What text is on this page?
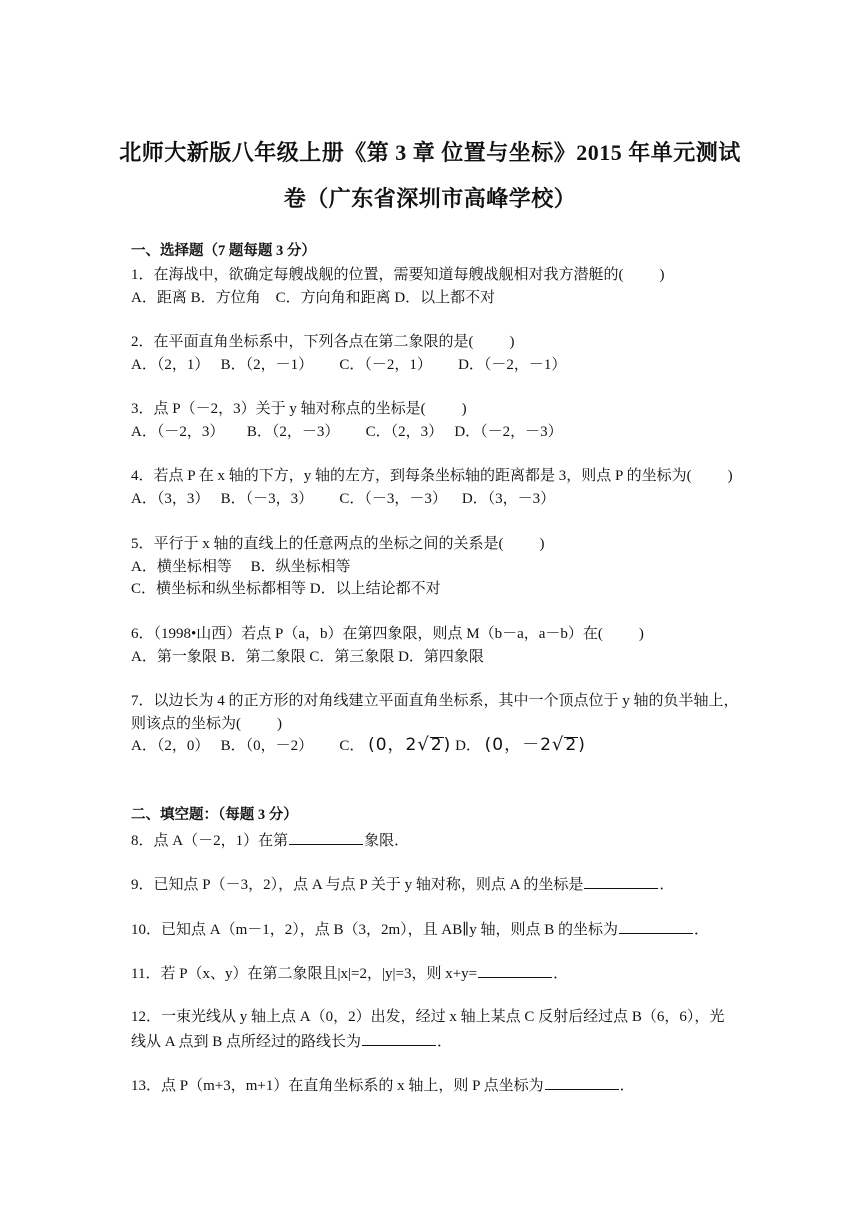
北师大新版八年级上册《第 3 章 位置与坐标》2015 年单元测试
卷（广东省深圳市高峰学校）
一、选择题（7 题每题 3 分）
1．在海战中，欲确定每艘战舰的位置，需要知道每艘战舰相对我方潜艇的( )
A．距离 B．方位角    C．方向角和距离 D．以上都不对
2．在平面直角坐标系中，下列各点在第二象限的是( )
A．（2，1）   B．（2，－1）       C．（－2，1）       D．（－2，－1）
3．点 P（－2，3）关于 y 轴对称点的坐标是( )
A．（－2，3）      B．（2，－3）       C．（2，3）   D．（－2，－3）
4．若点 P 在 x 轴的下方，y 轴的左方，到每条坐标轴的距离都是 3，则点 P 的坐标为( )
A．（3，3）   B．（－3，3）       C．（－3，－3）    D．（3，－3）
5．平行于 x 轴的直线上的任意两点的坐标之间的关系是( )
A．横坐标相等     B．纵坐标相等
C．横坐标和纵坐标都相等 D．以上结论都不对
6．（1998•山西）若点 P（a，b）在第四象限，则点 M（b－a，a－b）在( )
A．第一象限 B．第二象限 C．第三象限 D．第四象限
7．以边长为 4 的正方形的对角线建立平面直角坐标系，其中一个顶点位于 y 轴的负半轴上，
则该点的坐标为( )
A．（2，0）   B．（0，－2）       C． (0，2√2) D． (0，－2√2)
二、填空题：（每题 3 分）
8．点 A（－2，1）在第	象限．
9．已知点 P（－3，2），点 A 与点 P 关于 y 轴对称，则点 A 的坐标是	．
10．已知点 A（m－1，2），点 B（3，2m），且 AB∥y 轴，则点 B 的坐标为	．
11．若 P（x、y）在第二象限且|x|=2，|y|=3，则 x+y=	．
12．一束光线从 y 轴上点 A（0，2）出发，经过 x 轴上某点 C 反射后经过点 B（6，6），光
线从 A 点到 B 点所经过的路线长为	．
13．点 P（m+3，m+1）在直角坐标系的 x 轴上，则 P 点坐标为	．
